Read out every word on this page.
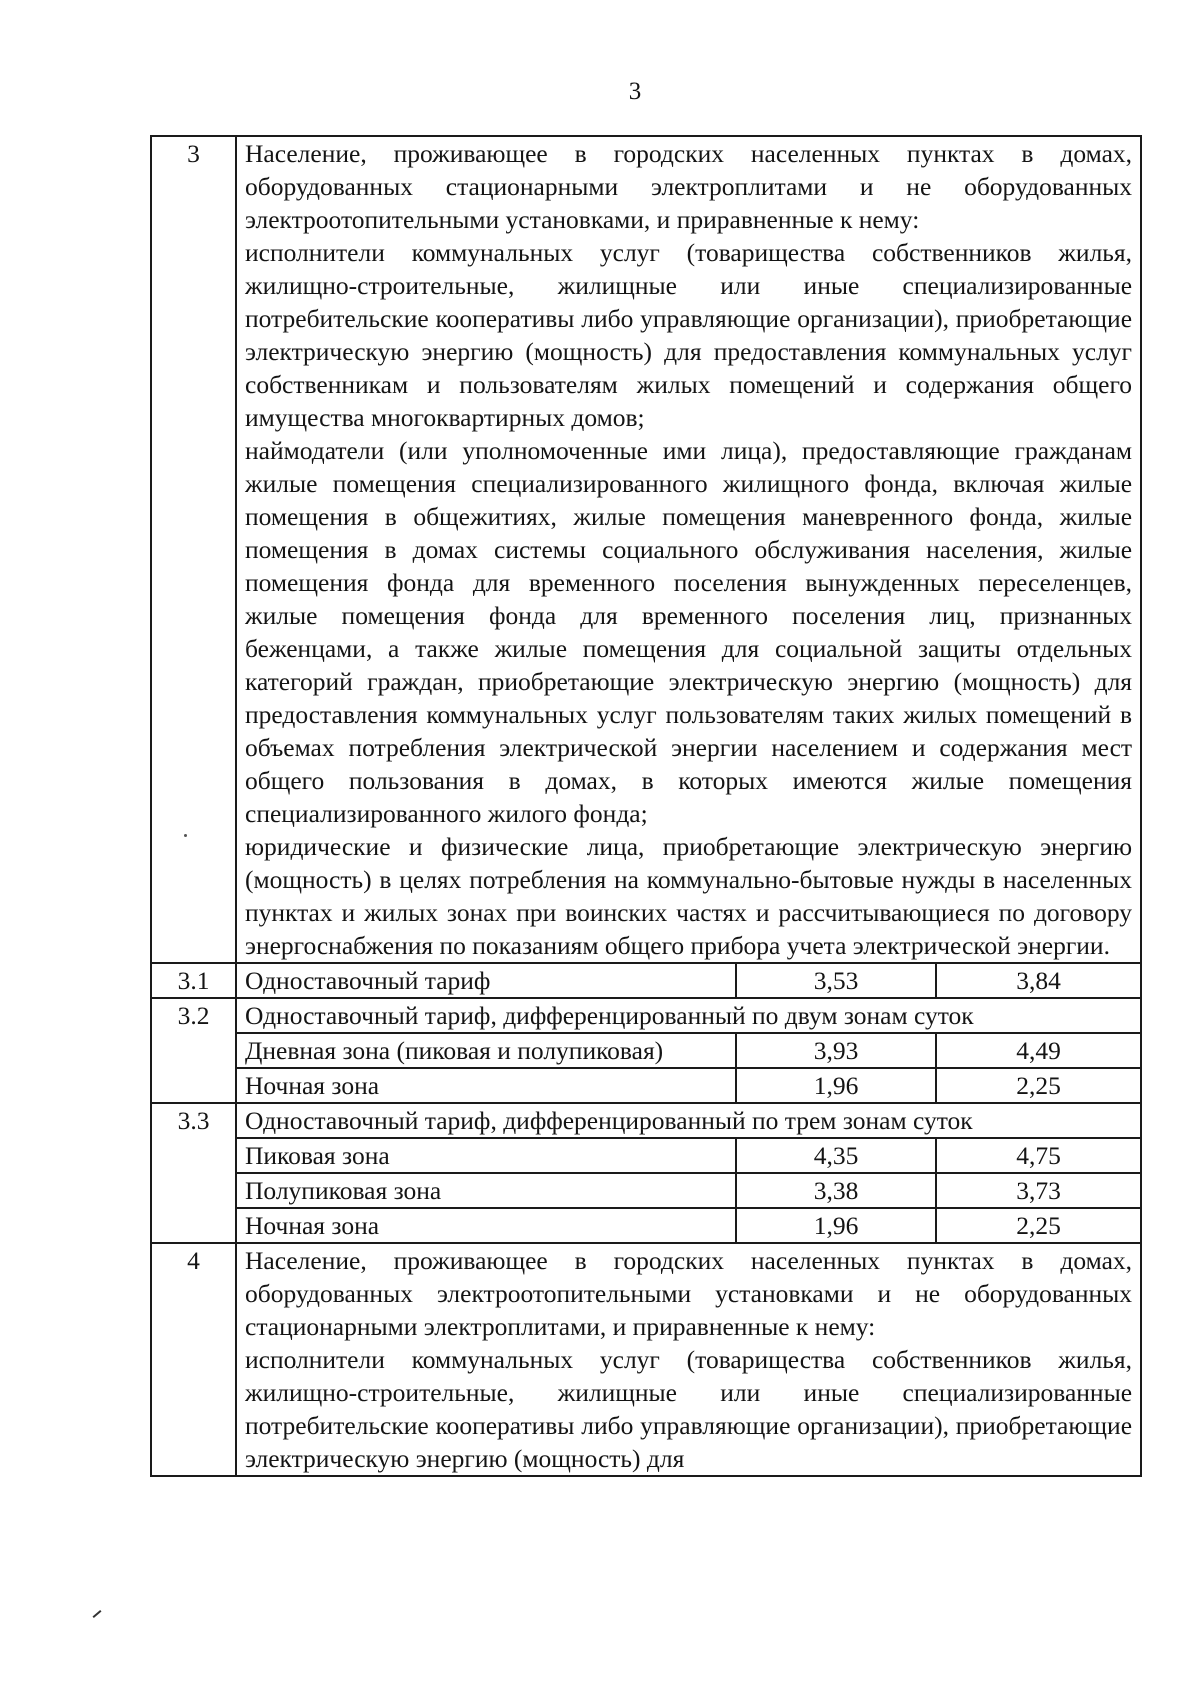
3
3	Население, проживающее в городских населенных пунктах в домах, оборудованных стационарными электроплитами и не оборудованных электроотопительными установками, и приравненные к нему:
исполнители коммунальных услуг (товарищества собственников жилья, жилищно-строительные, жилищные или иные специализированные потребительские кооперативы либо управляющие организации), приобретающие электрическую энергию (мощность) для предоставления коммунальных услуг собственникам и пользователям жилых помещений и содержания общего имущества многоквартирных домов;
наймодатели (или уполномоченные ими лица), предоставляющие гражданам жилые помещения специализированного жилищного фонда, включая жилые помещения в общежитиях, жилые помещения маневренного фонда, жилые помещения в домах системы социального обслуживания населения, жилые помещения фонда для временного поселения вынужденных переселенцев, жилые помещения фонда для временного поселения лиц, признанных беженцами, а также жилые помещения для социальной защиты отдельных категорий граждан, приобретающие электрическую энергию (мощность) для предоставления коммунальных услуг пользователям таких жилых помещений в объемах потребления электрической энергии населением и содержания мест общего пользования в домах, в которых имеются жилые помещения специализированного жилого фонда;
юридические и физические лица, приобретающие электрическую энергию (мощность) в целях потребления на коммунально-бытовые нужды в населенных пунктах и жилых зонах при воинских частях и рассчитывающиеся по договору энергоснабжения по показаниям общего прибора учета электрической энергии.		

3.1	Одноставочный тариф	3,53	3,84
3.2	Одноставочный тариф, дифференцированный по двум зонам суток		
	Дневная зона (пиковая и полупиковая)	3,93	4,49
	Ночная зона	1,96	2,25
3.3	Одноставочный тариф, дифференцированный по трем зонам суток		
	Пиковая зона	4,35	4,75
	Полупиковая зона	3,38	3,73
	Ночная зона	1,96	2,25
4	Население, проживающее в городских населенных пунктах в домах, оборудованных электроотопительными установками и не оборудованных стационарными электроплитами, и приравненные к нему:
исполнители коммунальных услуг (товарищества собственников жилья, жилищно-строительные, жилищные или иные специализированные потребительские кооперативы либо управляющие организации), приобретающие электрическую энергию (мощность) для		
